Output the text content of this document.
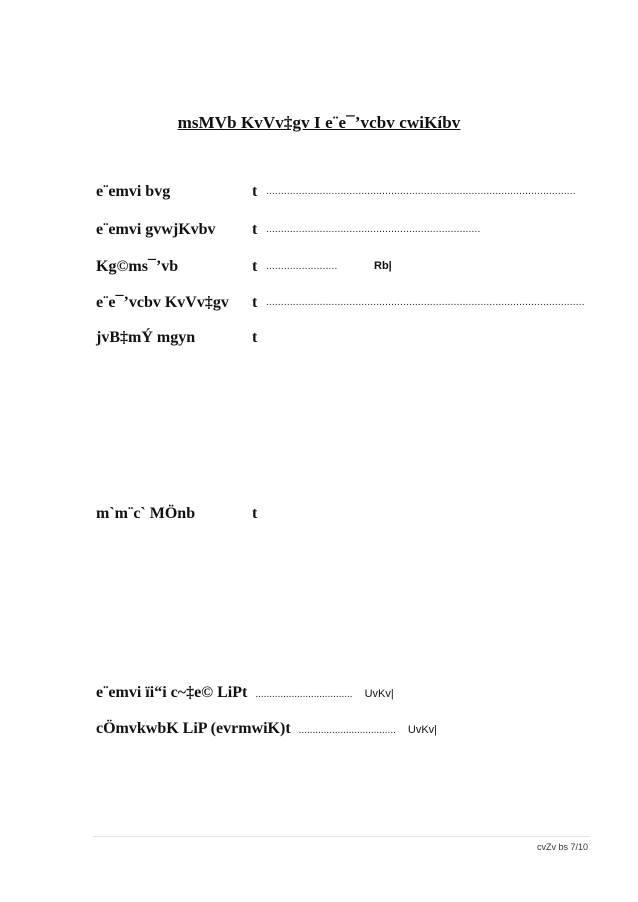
msMVb KvVv‡gv I e¨e¯’vcbv cwiKíbv
e¨emvi bvg	t ........................................................................................................
e¨emvi gvwjKvbv t ........................................................................
Kg©ms¯’vb	t ........................	Rb|
e¨e¯’vcbv KvVv‡gv t ...........................................................................................................
jvB‡mÝ mgyn	t
m`m¨c` MÖnb	t
e¨emvi ïi“i c~‡e© LiPt ................................... UvKv|
cÖmvkwbK LiP (evrmwiK)t ................................... UvKv|
cvZv bs 7/10
